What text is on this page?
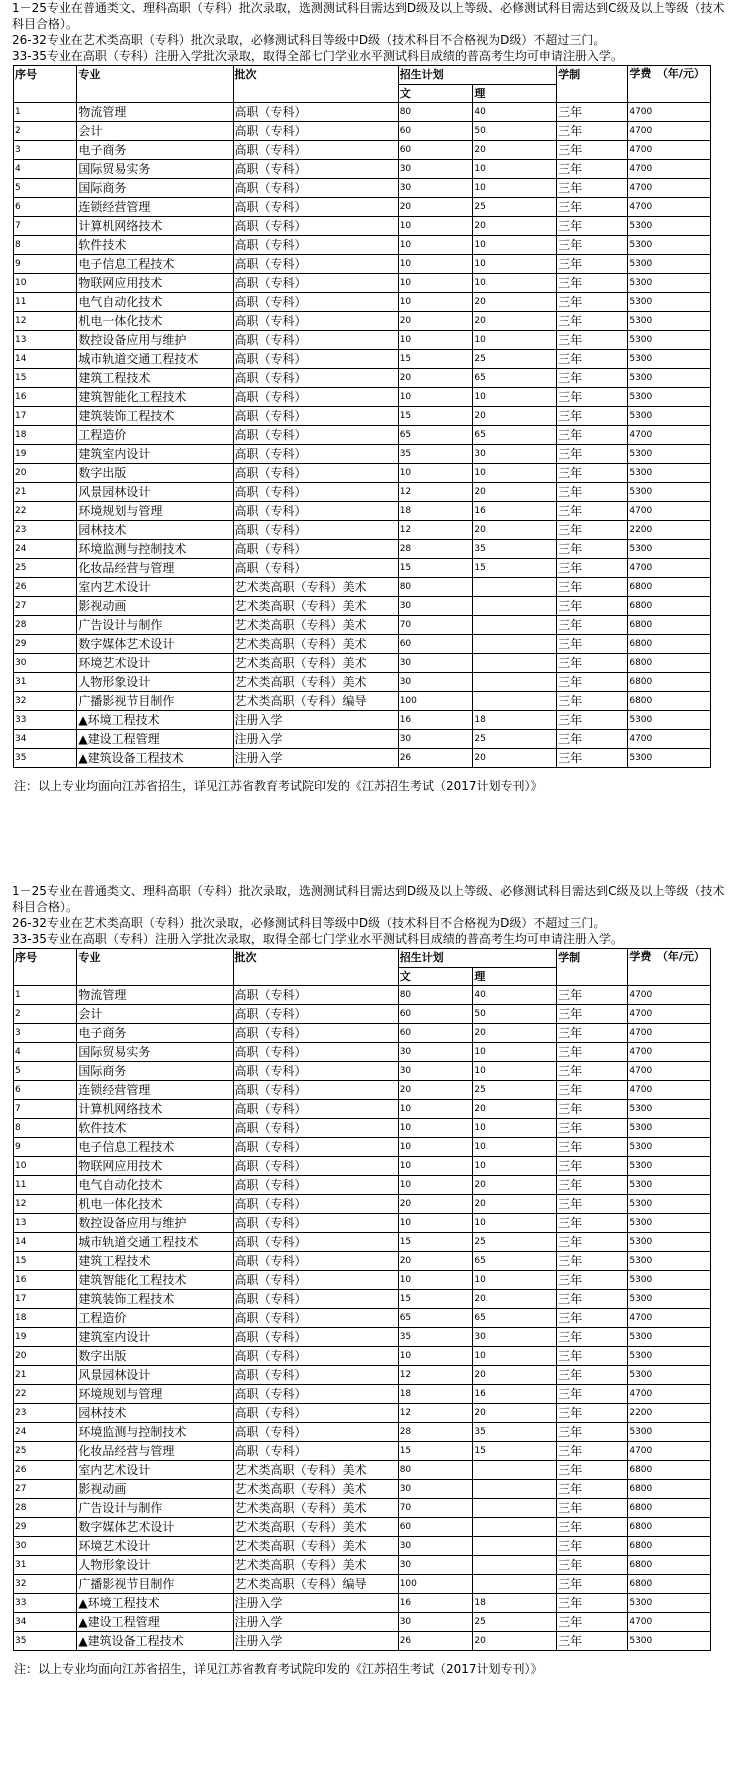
1－25专业在普通类文、理科高职（专科）批次录取，选测测试科目需达到D级及以上等级、必修测试科目需达到C级及以上等级（技术科目合格）。

26-32专业在艺术类高职（专科）批次录取，必修测试科目等级中D级（技术科目不合格视为D级）不超过三门。

33-35专业在高职（专科）注册入学批次录取，取得全部七门学业水平测试科目成绩的普高考生均可申请注册入学。

序号	专业	批次	招生计划		学制	学费　（年/元）
			文	理		
1	物流管理	高职（专科）	80	40	三年	4700
2	会计	高职（专科）	60	50	三年	4700
3	电子商务	高职（专科）	60	20	三年	4700
4	国际贸易实务	高职（专科）	30	10	三年	4700
5	国际商务	高职（专科）	30	10	三年	4700
6	连锁经营管理	高职（专科）	20	25	三年	4700
7	计算机网络技术	高职（专科）	10	20	三年	5300
8	软件技术	高职（专科）	10	10	三年	5300
9	电子信息工程技术	高职（专科）	10	10	三年	5300
10	物联网应用技术	高职（专科）	10	10	三年	5300
11	电气自动化技术	高职（专科）	10	20	三年	5300
12	机电一体化技术	高职（专科）	20	20	三年	5300
13	数控设备应用与维护	高职（专科）	10	10	三年	5300
14	城市轨道交通工程技术	高职（专科）	15	25	三年	5300
15	建筑工程技术	高职（专科）	20	65	三年	5300
16	建筑智能化工程技术	高职（专科）	10	10	三年	5300
17	建筑装饰工程技术	高职（专科）	15	20	三年	5300
18	工程造价	高职（专科）	65	65	三年	4700
19	建筑室内设计	高职（专科）	35	30	三年	5300
20	数字出版	高职（专科）	10	10	三年	5300
21	风景园林设计	高职（专科）	12	20	三年	5300
22	环境规划与管理	高职（专科）	18	16	三年	4700
23	园林技术	高职（专科）	12	20	三年	2200
24	环境监测与控制技术	高职（专科）	28	35	三年	5300
25	化妆品经营与管理	高职（专科）	15	15	三年	4700
26	室内艺术设计	艺术类高职（专科）美术	80		三年	6800
27	影视动画	艺术类高职（专科）美术	30		三年	6800
28	广告设计与制作	艺术类高职（专科）美术	70		三年	6800
29	数字媒体艺术设计	艺术类高职（专科）美术	60		三年	6800
30	环境艺术设计	艺术类高职（专科）美术	30		三年	6800
31	人物形象设计	艺术类高职（专科）美术	30		三年	6800
32	广播影视节目制作	艺术类高职（专科）编导	100		三年	6800
33	▲环境工程技术	注册入学	16	18	三年	5300
34	▲建设工程管理	注册入学	30	25	三年	4700
35	▲建筑设备工程技术	注册入学	26	20	三年	5300
注：以上专业均面向江苏省招生，详见江苏省教育考试院印发的《江苏招生考试（2017计划专刊）》

1－25专业在普通类文、理科高职（专科）批次录取，选测测试科目需达到D级及以上等级、必修测试科目需达到C级及以上等级（技术科目合格）。

26-32专业在艺术类高职（专科）批次录取，必修测试科目等级中D级（技术科目不合格视为D级）不超过三门。

33-35专业在高职（专科）注册入学批次录取，取得全部七门学业水平测试科目成绩的普高考生均可申请注册入学。

序号	专业	批次	招生计划		学制	学费　（年/元）
			文	理		
1	物流管理	高职（专科）	80	40	三年	4700
2	会计	高职（专科）	60	50	三年	4700
3	电子商务	高职（专科）	60	20	三年	4700
4	国际贸易实务	高职（专科）	30	10	三年	4700
5	国际商务	高职（专科）	30	10	三年	4700
6	连锁经营管理	高职（专科）	20	25	三年	4700
7	计算机网络技术	高职（专科）	10	20	三年	5300
8	软件技术	高职（专科）	10	10	三年	5300
9	电子信息工程技术	高职（专科）	10	10	三年	5300
10	物联网应用技术	高职（专科）	10	10	三年	5300
11	电气自动化技术	高职（专科）	10	20	三年	5300
12	机电一体化技术	高职（专科）	20	20	三年	5300
13	数控设备应用与维护	高职（专科）	10	10	三年	5300
14	城市轨道交通工程技术	高职（专科）	15	25	三年	5300
15	建筑工程技术	高职（专科）	20	65	三年	5300
16	建筑智能化工程技术	高职（专科）	10	10	三年	5300
17	建筑装饰工程技术	高职（专科）	15	20	三年	5300
18	工程造价	高职（专科）	65	65	三年	4700
19	建筑室内设计	高职（专科）	35	30	三年	5300
20	数字出版	高职（专科）	10	10	三年	5300
21	风景园林设计	高职（专科）	12	20	三年	5300
22	环境规划与管理	高职（专科）	18	16	三年	4700
23	园林技术	高职（专科）	12	20	三年	2200
24	环境监测与控制技术	高职（专科）	28	35	三年	5300
25	化妆品经营与管理	高职（专科）	15	15	三年	4700
26	室内艺术设计	艺术类高职（专科）美术	80		三年	6800
27	影视动画	艺术类高职（专科）美术	30		三年	6800
28	广告设计与制作	艺术类高职（专科）美术	70		三年	6800
29	数字媒体艺术设计	艺术类高职（专科）美术	60		三年	6800
30	环境艺术设计	艺术类高职（专科）美术	30		三年	6800
31	人物形象设计	艺术类高职（专科）美术	30		三年	6800
32	广播影视节目制作	艺术类高职（专科）编导	100		三年	6800
33	▲环境工程技术	注册入学	16	18	三年	5300
34	▲建设工程管理	注册入学	30	25	三年	4700
35	▲建筑设备工程技术	注册入学	26	20	三年	5300
注：以上专业均面向江苏省招生，详见江苏省教育考试院印发的《江苏招生考试（2017计划专刊）》
